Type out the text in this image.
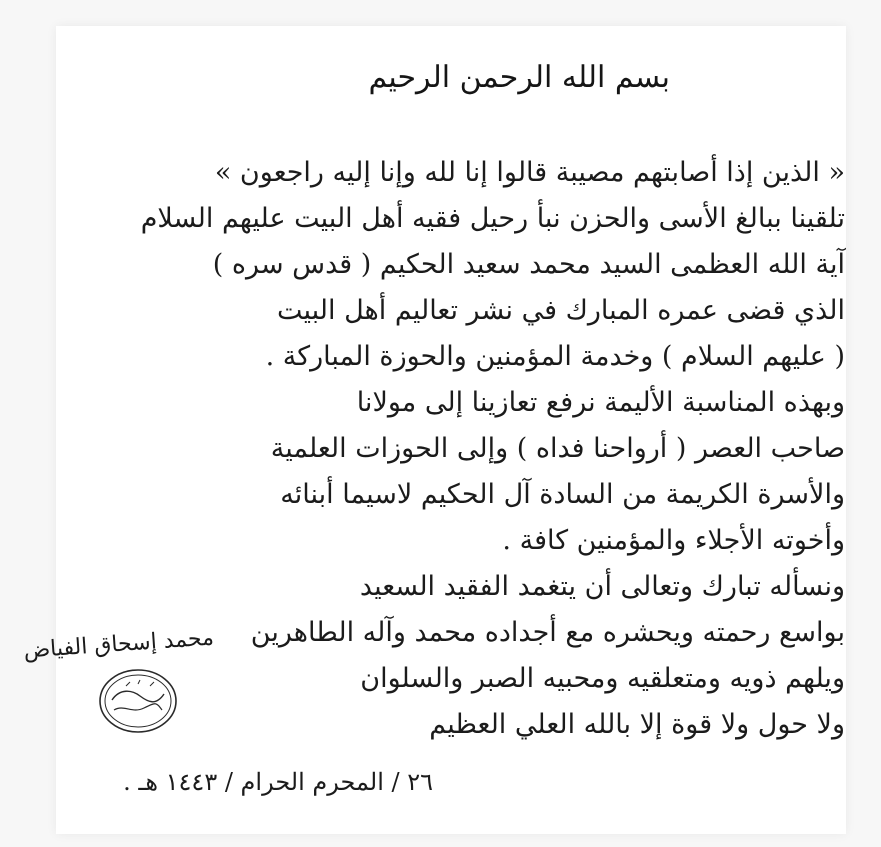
بسم الله الرحمن الرحيم
« الذين إذا أصابتهم مصيبة قالوا إنا لله وإنا إليه راجعون »
تلقينا ببالغ الأسى والحزن نبأ رحيل فقيه أهل البيت عليهم السلام
آية الله العظمى السيد محمد سعيد الحكيم ( قدس سره )
الذي قضى عمره المبارك في نشر تعاليم أهل البيت
( عليهم السلام ) وخدمة المؤمنين والحوزة المباركة .
وبهذه المناسبة الأليمة نرفع تعازينا إلى مولانا
صاحب العصر ( أرواحنا فداه ) وإلى الحوزات العلمية
والأسرة الكريمة من السادة آل الحكيم لاسيما أبنائه
وأخوته الأجلاء والمؤمنين كافة .
ونسأله تبارك وتعالى أن يتغمد الفقيد السعيد
بواسع رحمته ويحشره مع أجداده محمد وآله الطاهرين
ويلهم ذويه ومتعلقيه ومحبيه الصبر والسلوان
ولا حول ولا قوة إلا بالله العلي العظيم
محمد إسحاق الفياض
٢٦ / المحرم الحرام / ١٤٤٣ هـ .
